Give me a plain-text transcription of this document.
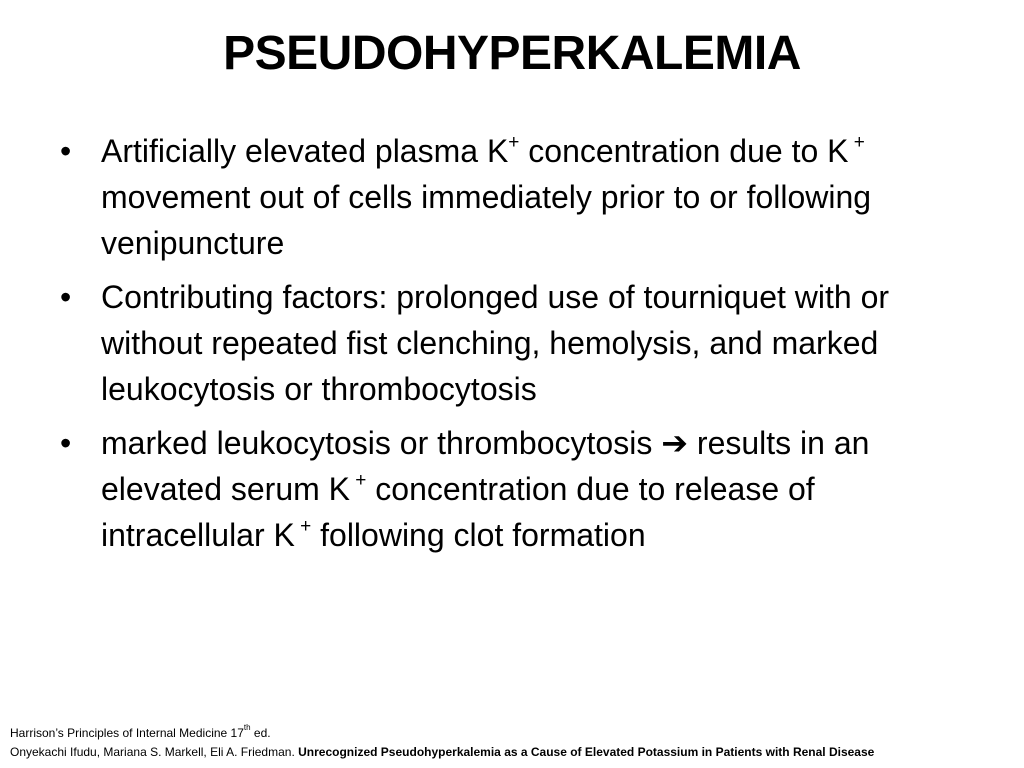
PSEUDOHYPERKALEMIA
• Artificially elevated plasma K+ concentration due to K + movement out of cells immediately prior to or following venipuncture
• Contributing factors: prolonged use of tourniquet with or without repeated fist clenching, hemolysis, and marked leukocytosis or thrombocytosis
• marked leukocytosis or thrombocytosis ➔ results in an elevated serum K + concentration due to release of intracellular K + following clot formation
Harrison’s Principles of Internal Medicine 17th ed.
Onyekachi Ifudu, Mariana S. Markell, Eli A. Friedman. Unrecognized Pseudohyperkalemia as a Cause of Elevated Potassium in Patients with Renal Disease
